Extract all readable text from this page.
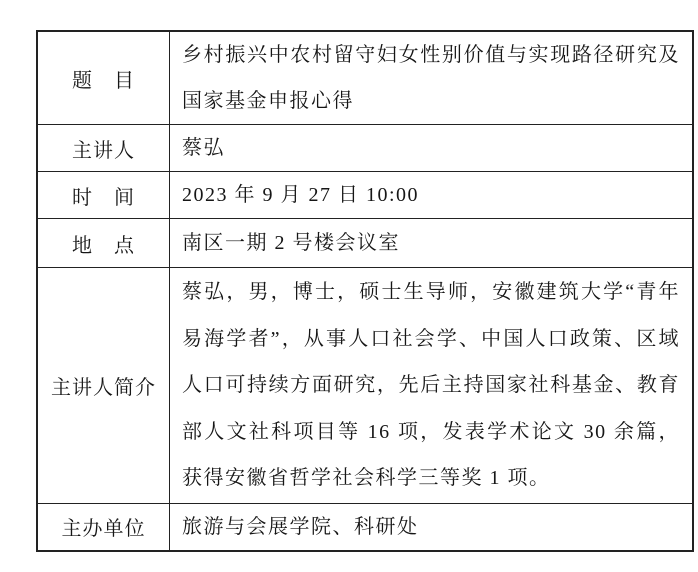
题　目	乡村振兴中农村留守妇女性别价值与实现路径研究及国家基金申报心得
主讲人	蔡弘
时　间	2023 年 9 月 27 日 10:00
地　点	南区一期 2 号楼会议室
主讲人简介	蔡弘，男，博士，硕士生导师，安徽建筑大学“青年易海学者”，从事人口社会学、中国人口政策、区域人口可持续方面研究，先后主持国家社科基金、教育部人文社科项目等 16 项，发表学术论文 30 余篇，获得安徽省哲学社会科学三等奖 1 项。
主办单位	旅游与会展学院、科研处
